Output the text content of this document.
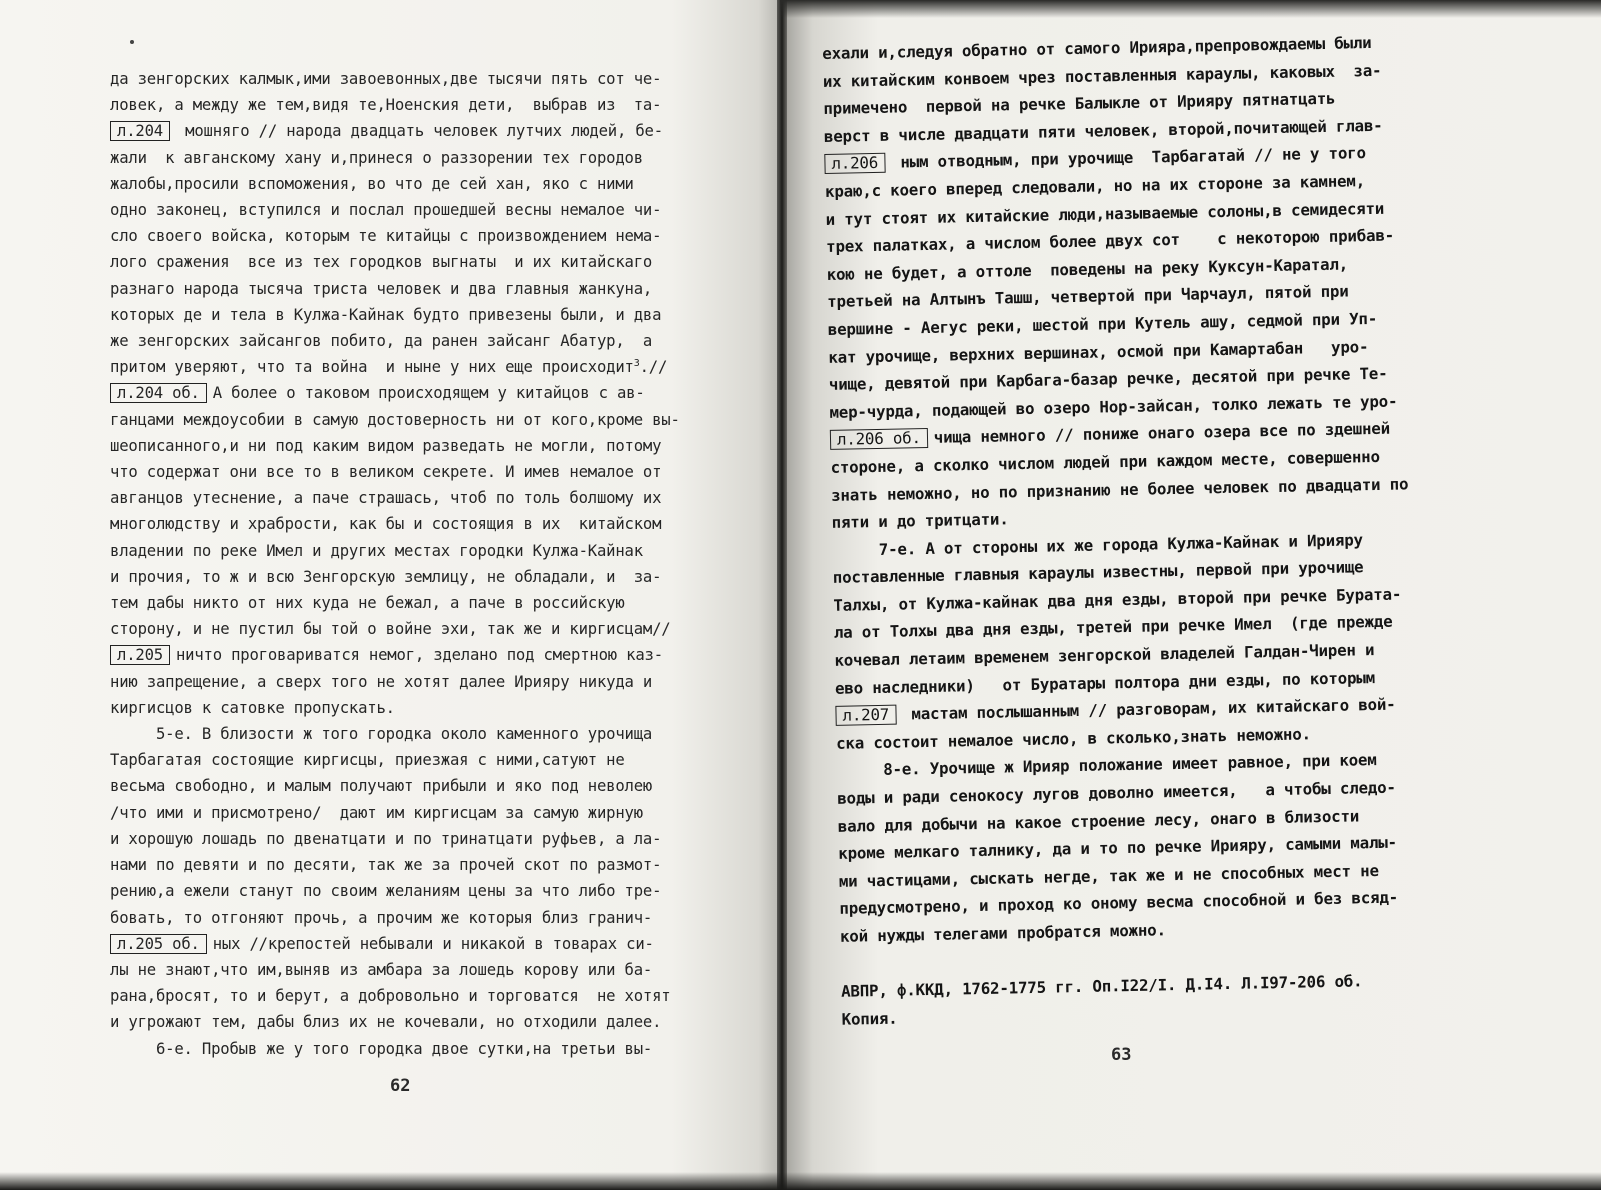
да зенгорских калмык,ими завоевонных,две тысячи пять сот че-
ловек, а между же тем,видя те,Ноенския дети,  выбрав из  та-
л.204 мошняго // народа двадцать человек лутчих людей, бе-
жали  к авганскому хану и,принеся о раззорении тех городов
жалобы,просили вспоможения, во что де сей хан, яко с ними
одно законец, вступился и послал прошедшей весны немалое чи-
сло своего войска, которым те китайцы с произвождением нема-
лого сражения  все из тех городков выгнаты  и их китайскаго
разнаго народа тысяча триста человек и два главныя жанкуна,
которых де и тела в Кулжа-Кайнак будто привезены были, и два
же зенгорских зайсангов побито, да ранен зайсанг Абатур,  а
притом уверяют, что та война  и ныне у них еще происходит$^3$.//
л.204 об. А более о таковом происходящем у китайцов с ав-
ганцами междоусобии в самую достоверность ни от кого,кроме вы-
шеописанного,и ни под каким видом разведать не могли, потому
что содержат они все то в великом секрете. И имев немалое от
авганцов утеснение, а паче страшась, чтоб по толь болшому их
многолюдству и храбрости, как бы и состоящия в их  китайском
владении по реке Имел и других местах городки Кулжа-Кайнак
и прочия, то ж и всю Зенгорскую землицу, не обладали, и  за-
тем дабы никто от них куда не бежал, а паче в российскую
сторону, и не пустил бы той о войне эхи, так же и киргисцам//
л.205 ничто проговариватся немог, зделано под смертною каз-
нию запрещение, а сверх того не хотят далее Ирияру никуда и
киргисцов к сатовке пропускать.
5-е. В близости ж того городка около каменного урочища
Тарбагатая состоящие киргисцы, приезжая с ними,сатуют не
весьма свободно, и малым получают прибыли и яко под неволею
/что ими и присмотрено/  дают им киргисцам за самую жирную
и хорошую лошадь по двенатцати и по тринатцати руфьев, а ла-
нами по девяти и по десяти, так же за прочей скот по размот-
рению,а ежели станут по своим желаниям цены за что либо тре-
бовать, то отгоняют прочь, а прочим же которыя близ гранич-
л.205 об. ных //крепостей небывали и никакой в товарах си-
лы не знают,что им,выняв из амбара за лошедь корову или ба-
рана,бросят, то и берут, а добровольно и торговатся  не хотят
и угрожают тем, дабы близ их не кочевали, но отходили далее.
6-е. Пробыв же у того городка двое сутки,на третьи вы-
62
63
ехали и,следуя обратно от самого Ирияра,препровождаемы были
их китайским конвоем чрез поставленныя караулы, каковых  за-
примечено  первой на речке Балыкле от Ирияру пятнатцать
верст в числе двадцати пяти человек, второй,почитающей глав-
л.206 ным отводным, при урочище  Тарбагатай // не у того
краю,с коего вперед следовали, но на их стороне за камнем,
и тут стоят их китайские люди,называемые солоны,в семидесяти
трех палатках, а числом более двух сот    с некоторою прибав-
кою не будет, а оттоле  поведены на реку Куксун-Каратал,
третьей на Алтынъ Ташш, четвертой при Чарчаул, пятой при
вершине - Аегус реки, шестой при Кутель ашу, седмой при Уп-
кат урочище, верхних вершинах, осмой при Камартабан   уро-
чище, девятой при Карбага-базар речке, десятой при речке Те-
мер-чурда, подающей во озеро Нор-зайсан, толко лежать те уро-
л.206 об. чища немного // пониже онаго озера все по здешней
стороне, а сколко числом людей при каждом месте, совершенно
знать неможно, но по признанию не более человек по двадцати по
пяти и до тритцати.
7-е. А от стороны их же города Кулжа-Кайнак и Ирияру
поставленные главныя караулы известны, первой при урочище
Талхы, от Кулжа-кайнак два дня езды, второй при речке Бурата-
ла от Толхы два дня езды, третей при речке Имел  (где прежде
кочевал летаим временем зенгорской владелей Галдан-Чирен и
ево наследники)   от Буратары полтора дни езды, по которым
л.207 мастам послышанным // разговорам, их китайскаго вой-
ска состоит немалое число, в сколько,знать неможно.
8-е. Урочище ж Ирияр положание имеет равное, при коем
воды и ради сенокосу лугов доволно имеется,   а чтобы следо-
вало для добычи на какое строение лесу, онаго в близости
кроме мелкаго талнику, да и то по речке Ирияру, самыми малы-
ми частицами, сыскать негде, так же и не способных мест не
предусмотрено, и проход ко оному весма способной и без всяд-
кой нужды телегами пробратся можно.

АВПР, ф.ККД, 1762-1775 гг. Оп.I22/I. Д.I4. Л.I97-206 об.
Копия.
